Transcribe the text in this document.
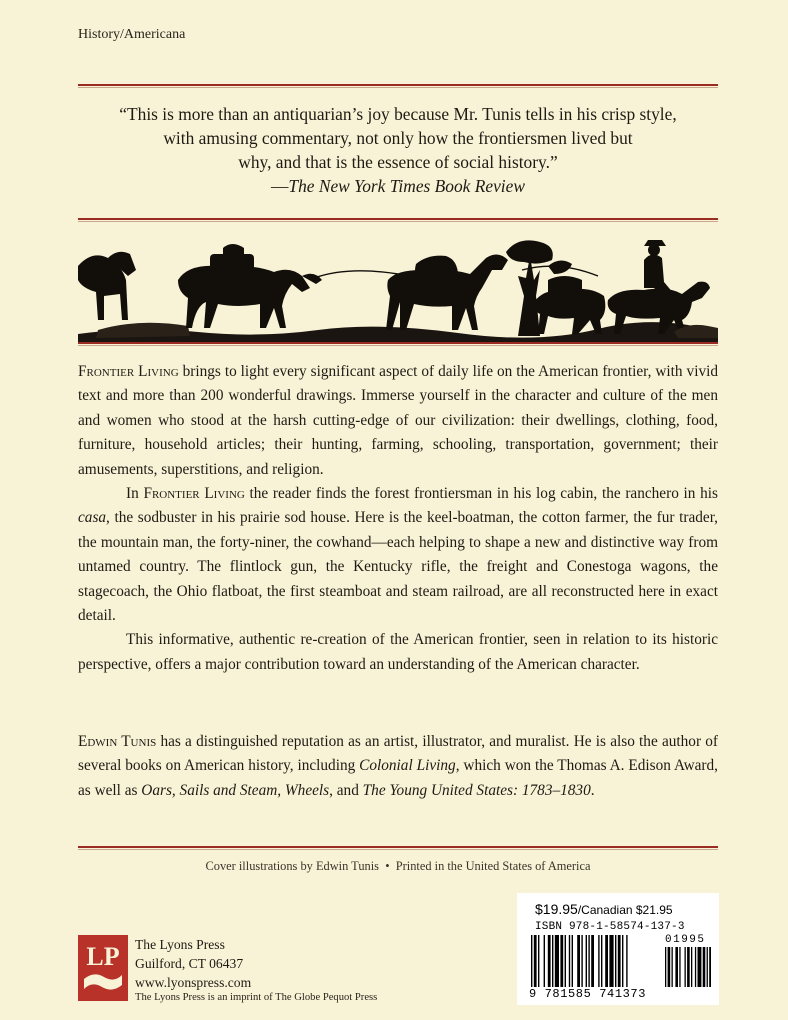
History/Americana
“This is more than an antiquarian’s joy because Mr. Tunis tells in his crisp style,
with amusing commentary, not only how the frontiersmen lived but
why, and that is the essence of social history.”
—The New York Times Book Review

Frontier Living brings to light every significant aspect of daily life on the American frontier, with vivid text and more than 200 wonderful drawings. Immerse yourself in the character and culture of the men and women who stood at the harsh cutting-edge of our civilization: their dwellings, clothing, food, furniture, household articles; their hunting, farming, schooling, transportation, government; their amusements, superstitions, and religion.

In Frontier Living the reader finds the forest frontiersman in his log cabin, the ranchero in his casa, the sodbuster in his prairie sod house. Here is the keel-boatman, the cotton farmer, the fur trader, the mountain man, the forty-niner, the cowhand—each helping to shape a new and distinctive way from untamed country. The flintlock gun, the Kentucky rifle, the freight and Conestoga wagons, the stagecoach, the Ohio flatboat, the first steamboat and steam railroad, are all reconstructed here in exact detail.

This informative, authentic re-creation of the American frontier, seen in relation to its historic perspective, offers a major contribution toward an understanding of the American character.

Edwin Tunis has a distinguished reputation as an artist, illustrator, and muralist. He is also the author of several books on American history, including Colonial Living, which won the Thomas A. Edison Award, as well as Oars, Sails and Steam, Wheels, and The Young United States: 1783–1830.

Cover illustrations by Edwin Tunis • Printed in the United States of America
LP The Lyons Press
Guilford, CT 06437
www.lyonspress.com
The Lyons Press is an imprint of The Globe Pequot Press
$19.95/Canadian $21.95
ISBN 978-1-58574-137-3
01995
9 781585 741373
